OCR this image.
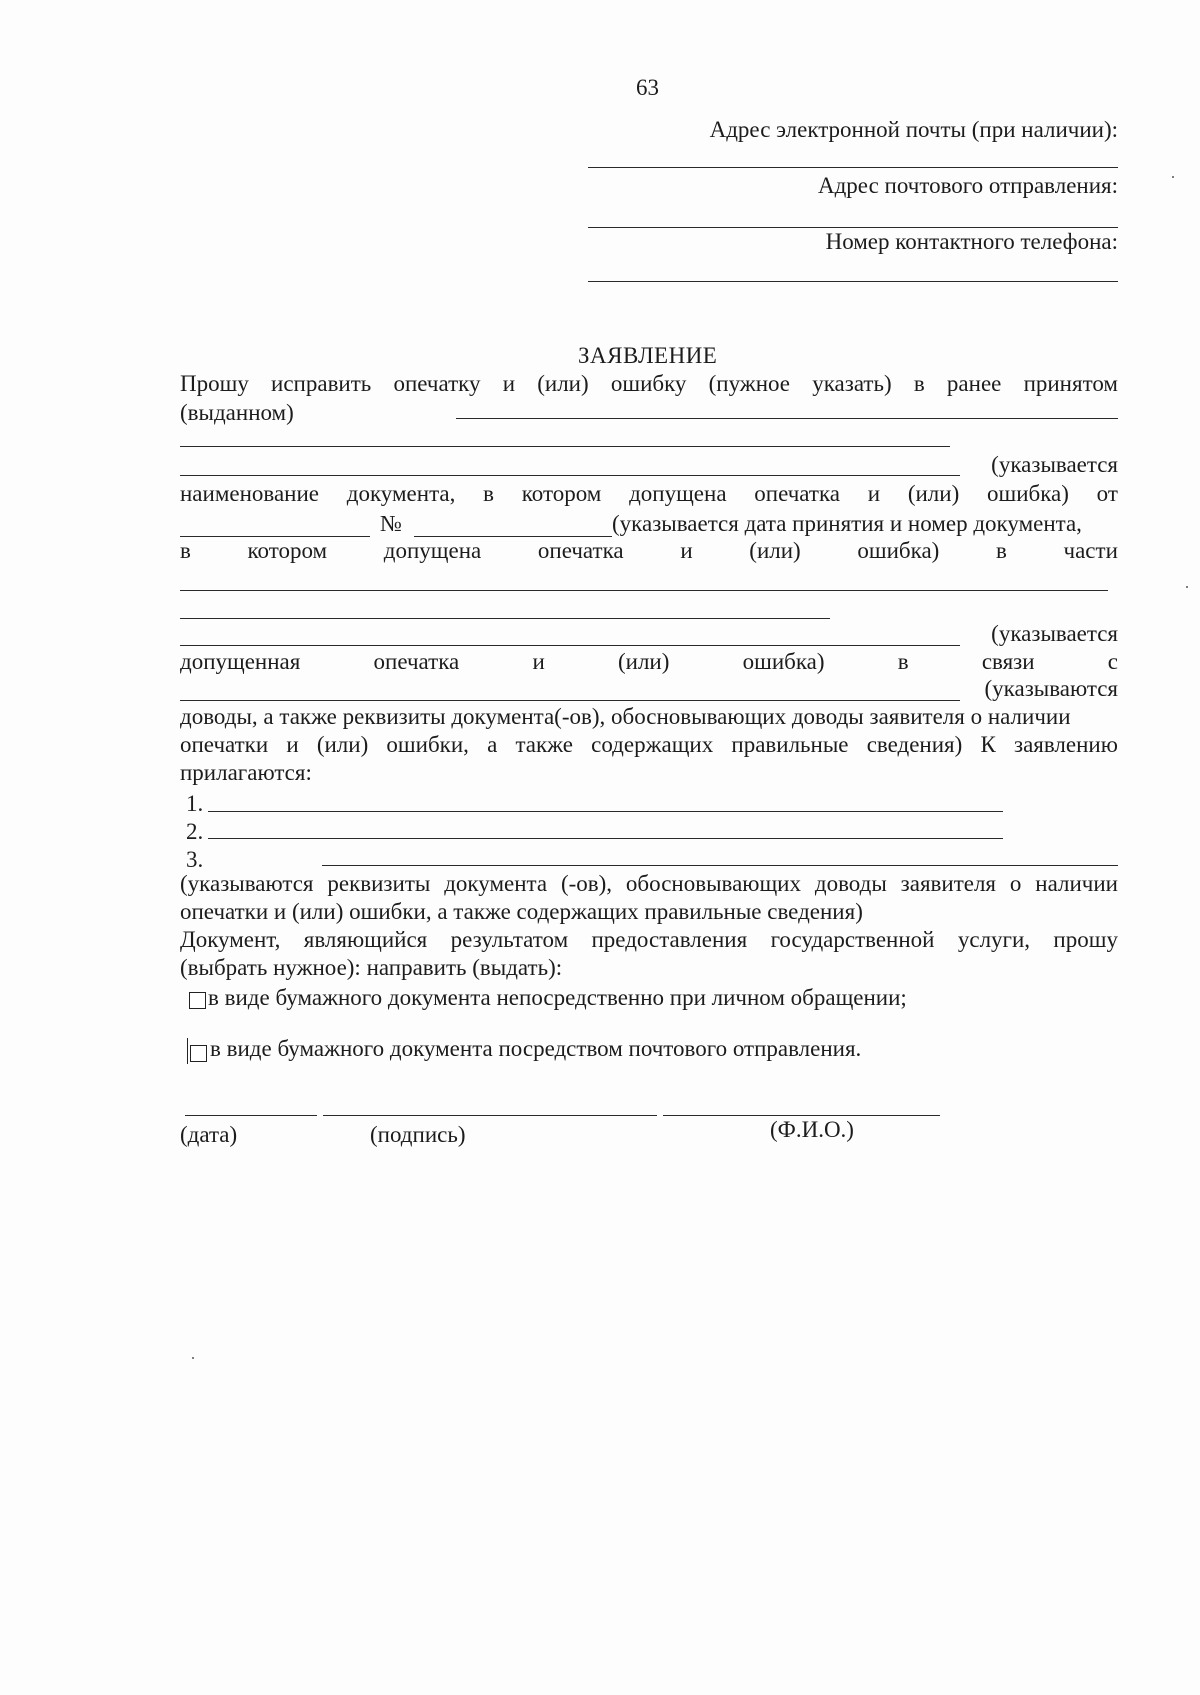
63
Адрес электронной почты (при наличии):
Адрес почтового отправления:
Номер контактного телефона:
ЗАЯВЛЕНИЕ
Прошу исправить опечатку и (или) ошибку (пужное указать) в ранее принятом
(выданном)
(указывается
наименование документа, в котором допущена опечатка и (или) ошибка) от
№	(указывается дата принятия и номер документа,
в котором допущена опечатка и (или) ошибка) в части
(указывается
допущенная	опечатка	и	(или)	ошибка)	в	связи	с
(указываются
доводы, а также реквизиты документа(-ов), обосновывающих доводы заявителя о наличии
опечатки и (или) ошибки, а также содержащих правильные сведения) К заявлению
прилагаются:
1.
2.
3.
(указываются реквизиты документа (-ов), обосновывающих доводы заявителя о наличии
опечатки и (или) ошибки, а также содержащих правильные сведения)
Документ, являющийся результатом предоставления государственной услуги, прошу
(выбрать нужное): направить (выдать):
в виде бумажного документа непосредственно при личном обращении;
в виде бумажного документа посредством почтового отправления.
(дата)	(подпись)	(Ф.И.О.)
